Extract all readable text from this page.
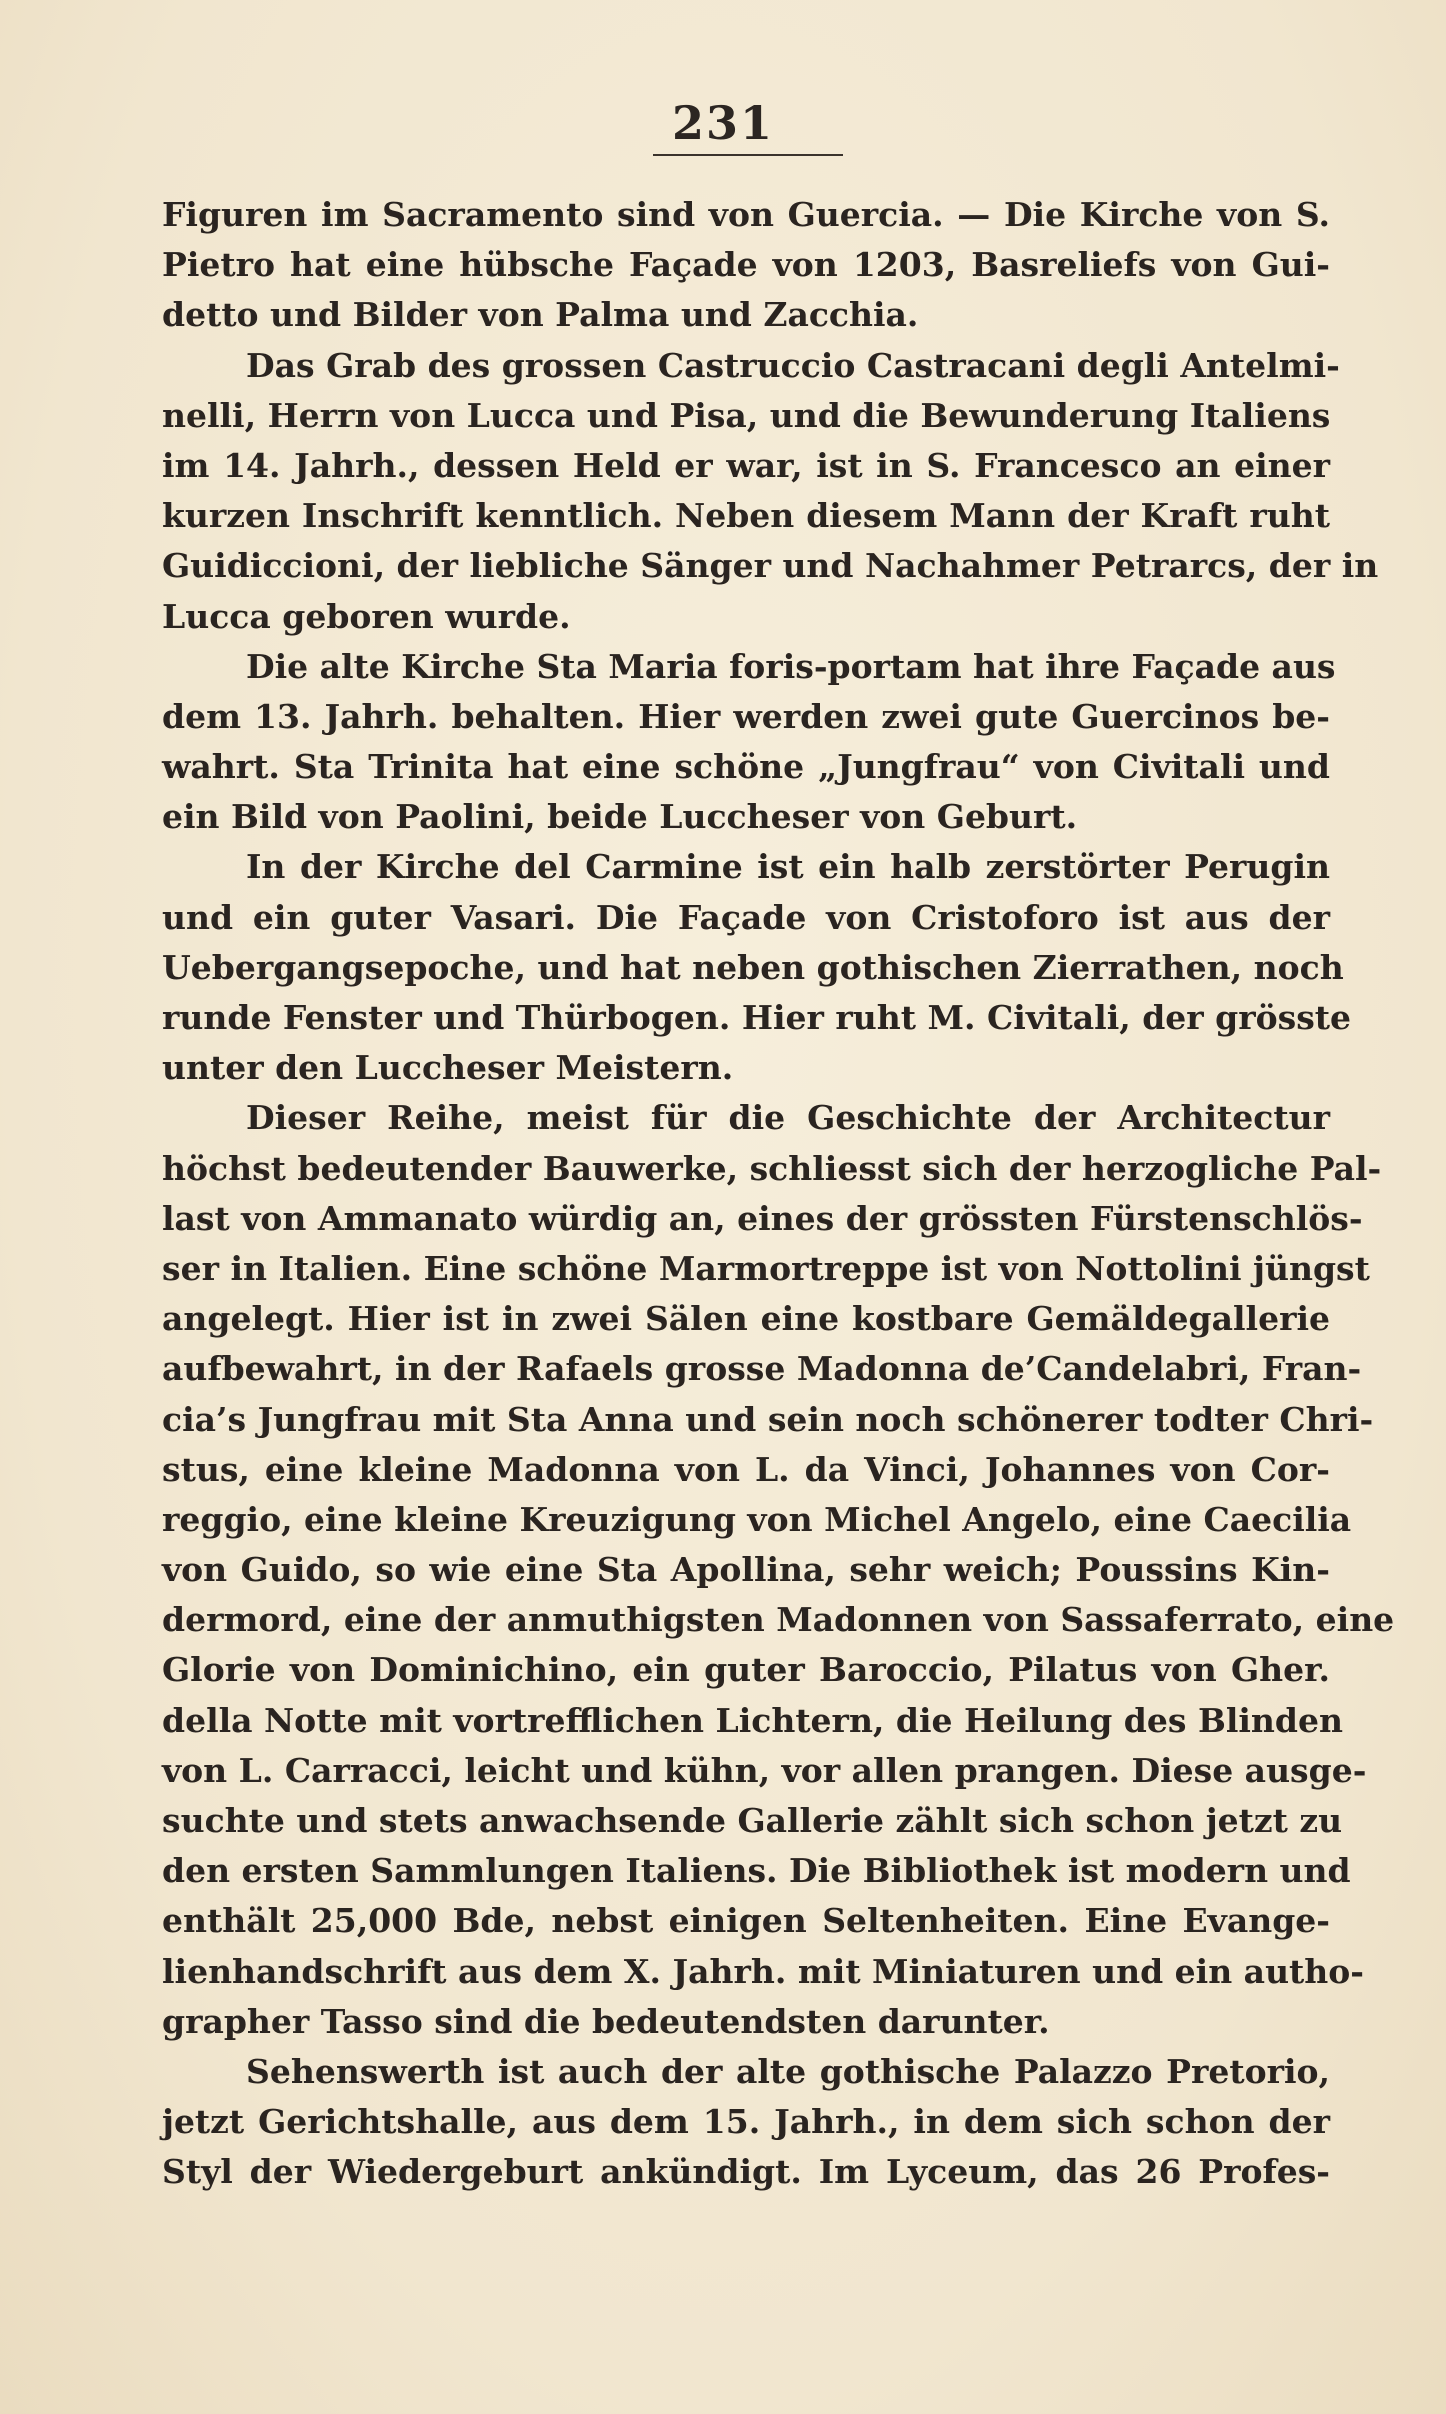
231
Figuren im Sacramento sind von Guercia. — Die Kirche von S.
Pietro hat eine hübsche Façade von 1203, Basreliefs von Gui-
detto und Bilder von Palma und Zacchia.
Das Grab des grossen Castruccio Castracani degli Antelmi-
nelli, Herrn von Lucca und Pisa, und die Bewunderung Italiens
im 14. Jahrh., dessen Held er war, ist in S. Francesco an einer
kurzen Inschrift kenntlich. Neben diesem Mann der Kraft ruht
Guidiccioni, der liebliche Sänger und Nachahmer Petrarcs, der in
Lucca geboren wurde.
Die alte Kirche Sta Maria foris-portam hat ihre Façade aus
dem 13. Jahrh. behalten. Hier werden zwei gute Guercinos be-
wahrt. Sta Trinita hat eine schöne „Jungfrau“ von Civitali und
ein Bild von Paolini, beide Luccheser von Geburt.
In der Kirche del Carmine ist ein halb zerstörter Perugin
und ein guter Vasari. Die Façade von Cristoforo ist aus der
Uebergangsepoche, und hat neben gothischen Zierrathen, noch
runde Fenster und Thürbogen. Hier ruht M. Civitali, der grösste
unter den Luccheser Meistern.
Dieser Reihe, meist für die Geschichte der Architectur
höchst bedeutender Bauwerke, schliesst sich der herzogliche Pal-
last von Ammanato würdig an, eines der grössten Fürstenschlös-
ser in Italien. Eine schöne Marmortreppe ist von Nottolini jüngst
angelegt. Hier ist in zwei Sälen eine kostbare Gemäldegallerie
aufbewahrt, in der Rafaels grosse Madonna de’Candelabri, Fran-
cia’s Jungfrau mit Sta Anna und sein noch schönerer todter Chri-
stus, eine kleine Madonna von L. da Vinci, Johannes von Cor-
reggio, eine kleine Kreuzigung von Michel Angelo, eine Caecilia
von Guido, so wie eine Sta Apollina, sehr weich; Poussins Kin-
dermord, eine der anmuthigsten Madonnen von Sassaferrato, eine
Glorie von Dominichino, ein guter Baroccio, Pilatus von Gher.
della Notte mit vortrefflichen Lichtern, die Heilung des Blinden
von L. Carracci, leicht und kühn, vor allen prangen. Diese ausge-
suchte und stets anwachsende Gallerie zählt sich schon jetzt zu
den ersten Sammlungen Italiens. Die Bibliothek ist modern und
enthält 25,000 Bde, nebst einigen Seltenheiten. Eine Evange-
lienhandschrift aus dem X. Jahrh. mit Miniaturen und ein autho-
grapher Tasso sind die bedeutendsten darunter.
Sehenswerth ist auch der alte gothische Palazzo Pretorio,
jetzt Gerichtshalle, aus dem 15. Jahrh., in dem sich schon der
Styl der Wiedergeburt ankündigt. Im Lyceum, das 26 Profes-
